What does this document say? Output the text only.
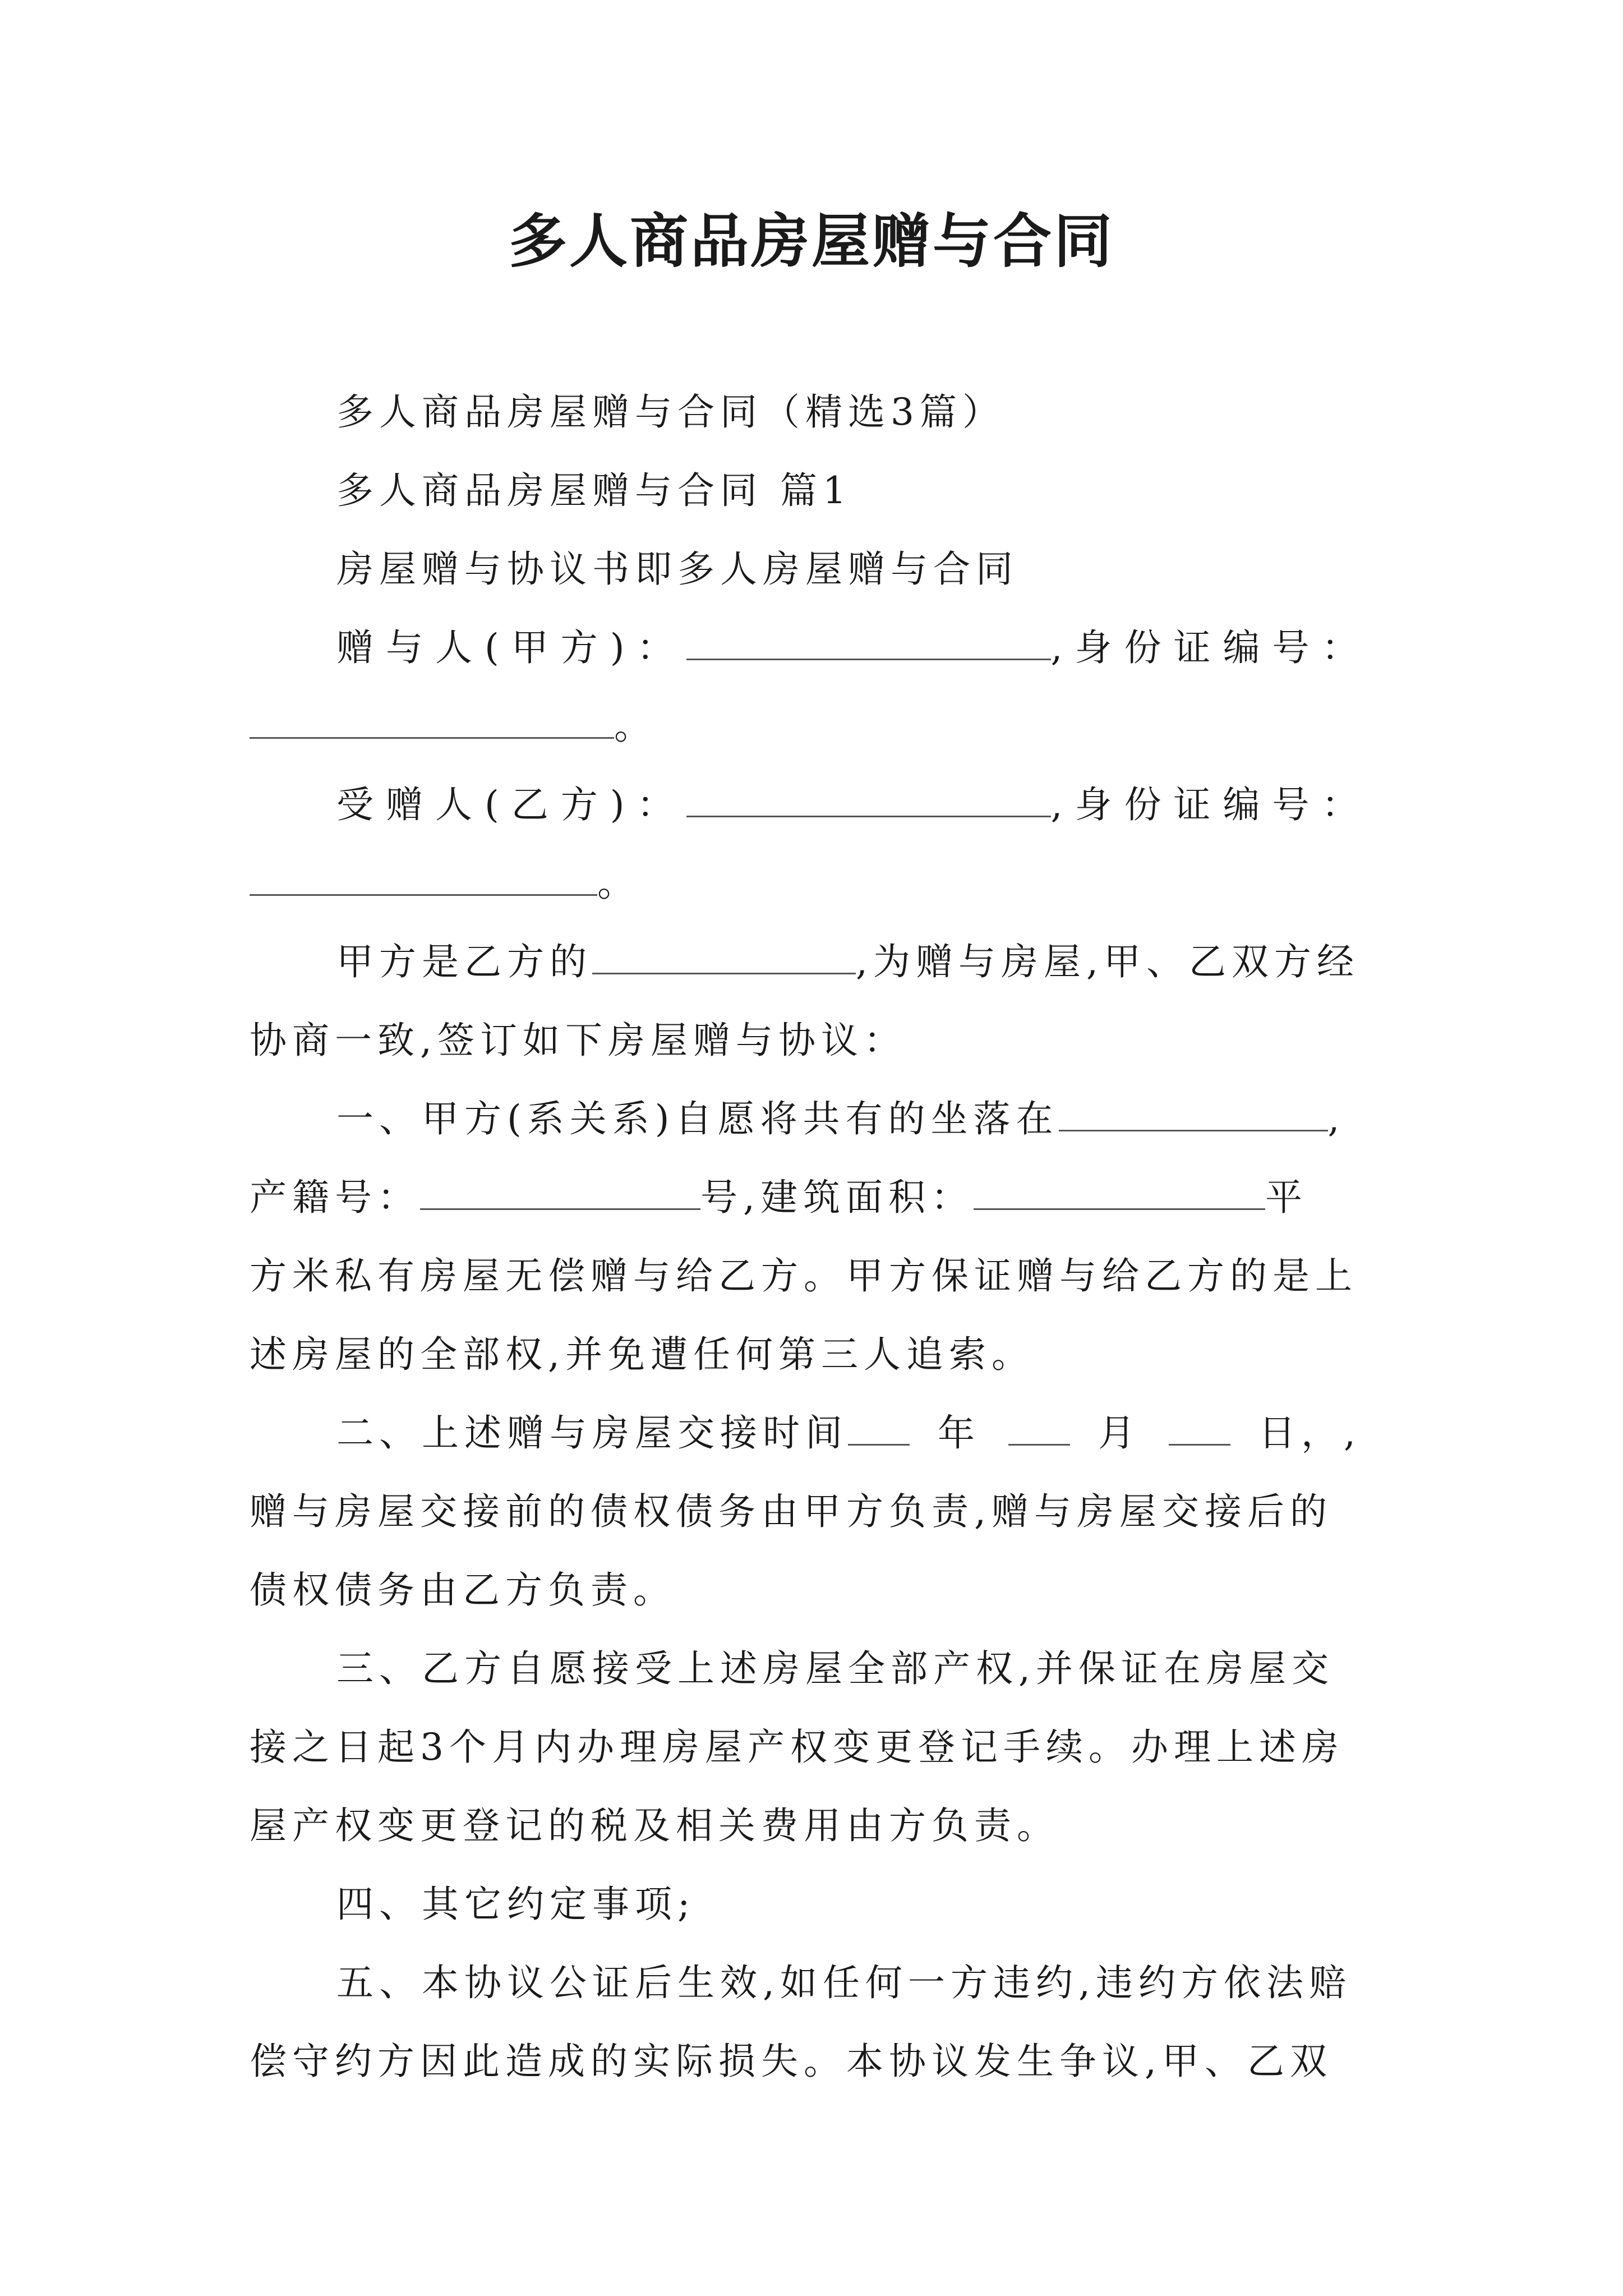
多人商品房屋赠与合同
多人商品房屋赠与合同（精选3篇）
多人商品房屋赠与合同 篇1
房屋赠与协议书即多人房屋赠与合同
赠与人(甲方)：	,身份证编号：
。
受赠人(乙方)：	,身份证编号：
。
甲方是乙方的	,为赠与房屋,甲、乙双方经
协商一致,签订如下房屋赠与协议：
一、甲方(系关系)自愿将共有的坐落在	,
产籍号：	号,建筑面积：	平
方米私有房屋无偿赠与给乙方。甲方保证赠与给乙方的是上
述房屋的全部权,并免遭任何第三人追索。
二、上述赠与房屋交接时间 年	月	日，,
赠与房屋交接前的债权债务由甲方负责,赠与房屋交接后的
债权债务由乙方负责。
三、乙方自愿接受上述房屋全部产权,并保证在房屋交
接之日起3个月内办理房屋产权变更登记手续。办理上述房
屋产权变更登记的税及相关费用由方负责。
四、其它约定事项;
五、本协议公证后生效,如任何一方违约,违约方依法赔
偿守约方因此造成的实际损失。本协议发生争议,甲、乙双
